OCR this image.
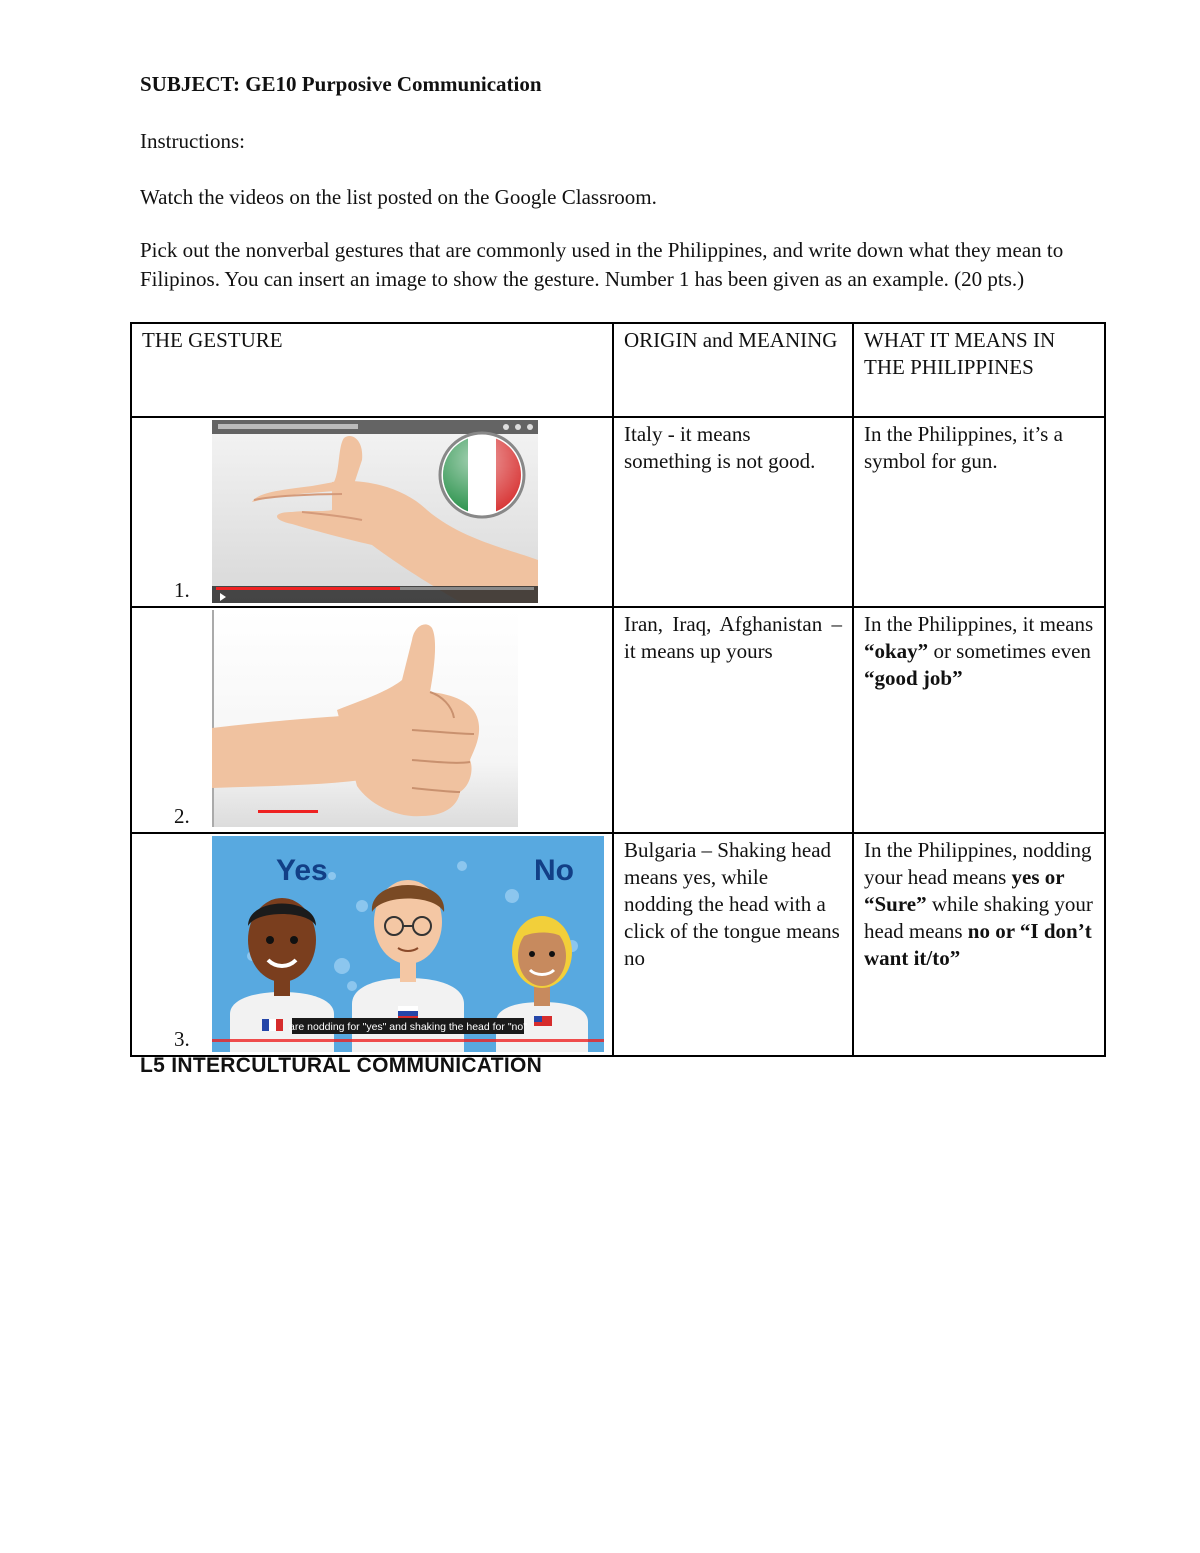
SUBJECT: GE10 Purposive Communication
Instructions:
Watch the videos on the list posted on the Google Classroom.
Pick out the nonverbal gestures that are commonly used in the Philippines, and write down what they mean to Filipinos. You can insert an image to show the gesture. Number 1 has been given as an example. (20 pts.)
THE GESTURE	ORIGIN and MEANING	WHAT IT MEANS IN THE PHILIPPINES

1.	Italy - it means something is not good.	In the Philippines, it’s a symbol for gun.

2.	Iran, Iraq, Afghanistan – it means up yours	In the Philippines, it means “okay” or sometimes even “good job”

3.
Yes No
are nodding for "yes" and shaking the head for "no"	Bulgaria – Shaking head means yes, while nodding the head with a click of the tongue means no	In the Philippines, nodding your head means yes or “Sure” while shaking your head means no or “I don’t want it/to”
L5 INTERCULTURAL COMMUNICATION
